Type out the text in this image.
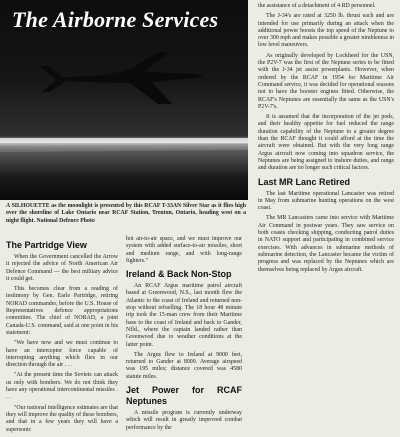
The Airborne Services
A SILHOUETTE as the moonlight is presented by this RCAF T-33AN Silver Star as it flies high over the shoreline of Lake Ontario near RCAF Station, Trenton, Ontario, heading west on a night flight. National Defence Photo
The Partridge View

When the Government cancelled the Arrow it rejected the advice of North American Air Defence Command — the best military advice it could get.

This becomes clear from a reading of testimony by Gen. Earle Partridge, retiring NORAD commander, before the U.S. House of Representatives defence appropriations committee. The chief of NORAD, a joint Canada-U.S. command, said at one point in his statement:

"We have now and we must continue to have an interceptor force capable of intercepting anything which flies in our direction through the air . . .

"At the present time the Soviets can attack us only with bombers. We do not think they have any operational intercontinental missiles . . .

"Our national intelligence estimates are that they will improve the quality of these bombers, and that in a few years they will have a supersonic

hot air-to-air space, and we must improve our system with added surface-to-air missiles, short and medium range, and with long-range fighters."

Ireland & Back Non-Stop

An RCAF Argus maritime patrol aircraft based at Greenwood, N.S., last month flew the Atlantic to the coast of Ireland and returned non-stop without refuelling. The 18 hour 48 minute trip took the 15-man crew from their Maritime base to the coast of Ireland and back to Gander, Nfld., where the captain landed rather than Greenwood due to weather conditions at the latter point.

The Argus flew to Ireland at 9000 feet, returned to Gander at 8000. Average airspeed was 195 miles; distance covered was 4580 statute miles.

Jet Power for RCAF Neptunes

A missile program is currently underway which will result in greatly improved combat performance by the

the assistance of a detachment of 4 RD personnel.

The J-34's are rated at 3250 lb. thrust each and are intended for use primarily during an attack when the additional power boosts the top speed of the Neptune to over 300 mph and makes possible a greater nimbleness in low level maneuvers.

As originally developed by Lockheed for the USN, the P2V-7 was the first of the Neptune series to be fitted with the J-34 jet assist powerplants. However, when ordered by the RCAF in 1954 for Maritime Air Command service, it was decided for operational reasons not to have the booster engines fitted. Otherwise, the RCAF's Neptunes are essentially the same as the USN's P2V-7's.

It is assumed that the incorporation of the jet pods, and their healthy appetite for fuel reduced the range duration capability of the Neptune to a greater degree than the RCAF thought it could afford at the time the aircraft were obtained. But with the very long range Argus aircraft now coming into squadron service, the Neptunes are being assigned to inshore duties, and range and duration are no longer such critical factors.

Last MR Lanc Retired

The last Maritime operational Lancaster was retired in May from submarine hunting operations on the west coast.

The MR Lancasters came into service with Maritime Air Command in postwar years. They saw service on both coasts checking shipping, conducting patrol duties in NATO support and participating in combined service exercises. With advances in submarine methods of submarine detection, the Lancaster became the victim of progress and was replaced by the Neptunes which are themselves being replaced by Argus aircraft.
